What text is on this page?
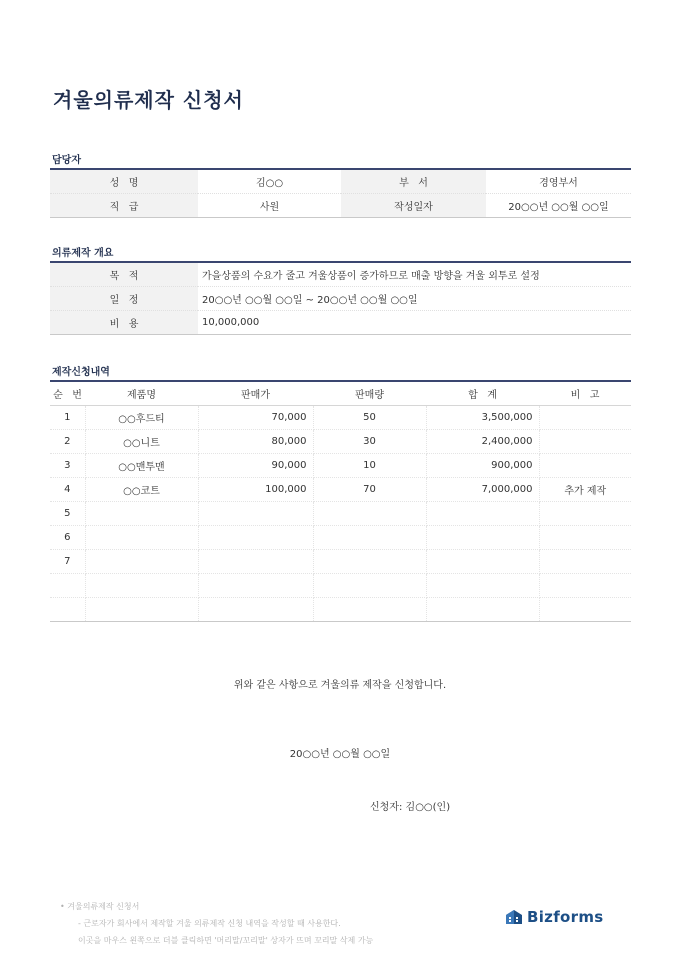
겨울의류제작 신청서
담당자
성   명	김○○	부   서	경영부서
직   급	사원	작성일자	20○○년 ○○월 ○○일
의류제작 개요
목   적	가을상품의 수요가 줄고 겨울상품이 증가하므로 매출 방향을 겨울 외투로 설정
일   정	20○○년 ○○월 ○○일 ~ 20○○년 ○○월 ○○일
비   용	10,000,000
제작신청내역
순   번	제품명	판매가	판매량	합   계	비   고
1	○○후드티	70,000	50	3,500,000	
2	○○니트	80,000	30	2,400,000	
3	○○맨투맨	90,000	10	900,000	
4	○○코트	100,000	70	7,000,000	추가 제작
5					
6					
7					

위와 같은 사항으로 겨울의류 제작을 신청합니다.
20○○년 ○○월 ○○일
신청자: 김○○(인)
• 겨울의류제작 신청서
- 근로자가 회사에서 제작할 겨울 의류제작 신청 내역을 작성할 때 사용한다.
이곳을 마우스 왼쪽으로 더블 클릭하면 '머리말/꼬리말' 상자가 뜨며 꼬리말 삭제 가능
Bizforms
